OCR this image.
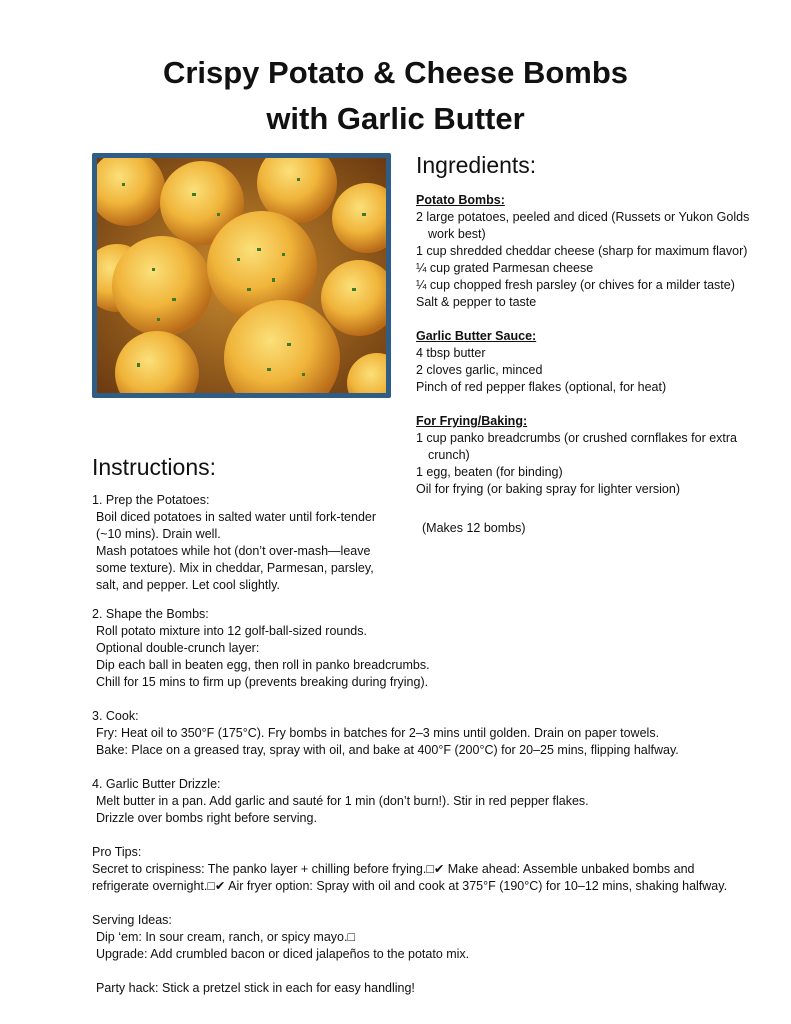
Crispy Potato & Cheese Bombs
with Garlic Butter
Ingredients:

Potato Bombs:

2 large potatoes, peeled and diced (Russets or Yukon Golds work best)
1 cup shredded cheddar cheese (sharp for maximum flavor)
¼ cup grated Parmesan cheese
¼ cup chopped fresh parsley (or chives for a milder taste)
Salt & pepper to taste

Garlic Butter Sauce:

4 tbsp butter
2 cloves garlic, minced
Pinch of red pepper flakes (optional, for heat)

For Frying/Baking:

1 cup panko breadcrumbs (or crushed cornflakes for extra crunch)
1 egg, beaten (for binding)
Oil for frying (or baking spray for lighter version)

(Makes 12 bombs)

Instructions:

1. Prep the Potatoes:

Boil diced potatoes in salted water until fork-tender (~10 mins). Drain well.

Mash potatoes while hot (don’t over-mash—leave some texture). Mix in cheddar, Parmesan, parsley, salt, and pepper. Let cool slightly.

2. Shape the Bombs:

Roll potato mixture into 12 golf-ball-sized rounds.

Optional double-crunch layer:

Dip each ball in beaten egg, then roll in panko breadcrumbs.

Chill for 15 mins to firm up (prevents breaking during frying).

3. Cook:

Fry: Heat oil to 350°F (175°C). Fry bombs in batches for 2–3 mins until golden. Drain on paper towels.

Bake: Place on a greased tray, spray with oil, and bake at 400°F (200°C) for 20–25 mins, flipping halfway.

4. Garlic Butter Drizzle:

Melt butter in a pan. Add garlic and sauté for 1 min (don’t burn!). Stir in red pepper flakes.

Drizzle over bombs right before serving.

Pro Tips:

Secret to crispiness: The panko layer + chilling before frying.□✔ Make ahead: Assemble unbaked bombs and refrigerate overnight.□✔ Air fryer option: Spray with oil and cook at 375°F (190°C) for 10–12 mins, shaking halfway.

Serving Ideas:

Dip ‘em: In sour cream, ranch, or spicy mayo.□

Upgrade: Add crumbled bacon or diced jalapeños to the potato mix.

Party hack: Stick a pretzel stick in each for easy handling!
